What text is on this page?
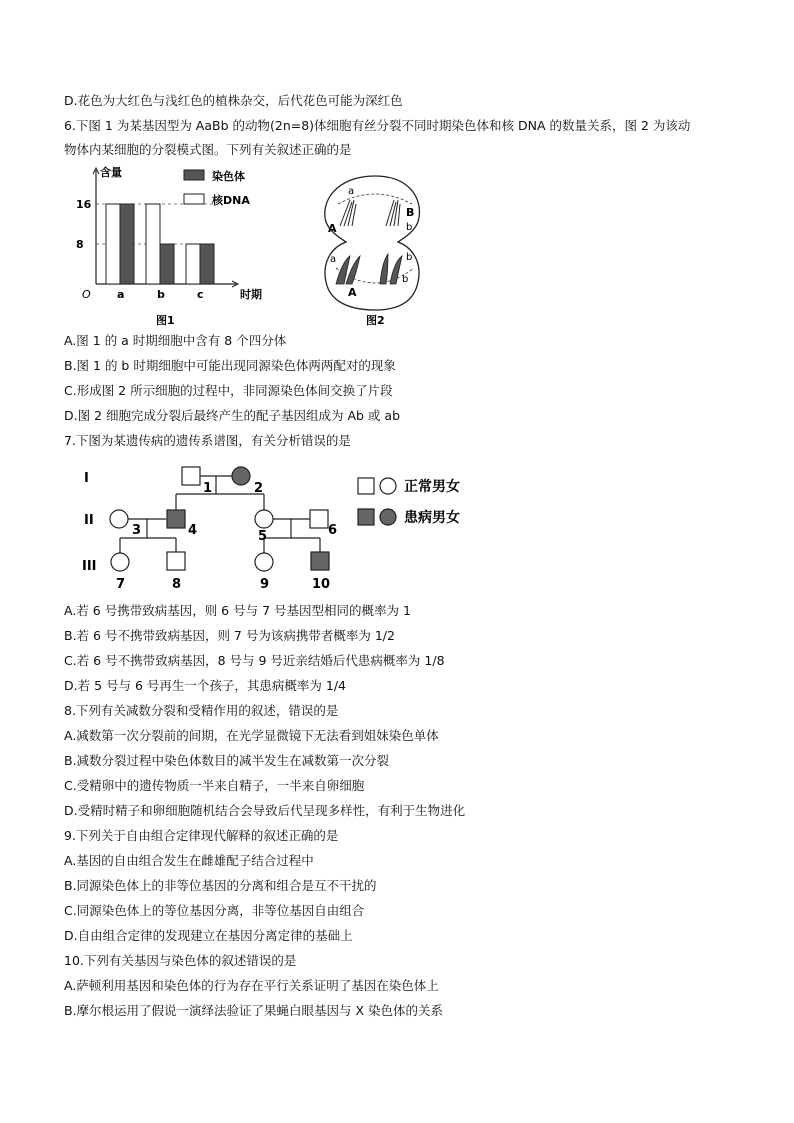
D.花色为大红色与浅红色的植株杂交，后代花色可能为深红色
6.下图 1 为某基因型为 AaBb 的动物(2n=8)体细胞有丝分裂不同时期染色体和核 DNA 的数量关系，图 2 为该动
物体内某细胞的分裂模式图。下列有关叙述正确的是
含量
时期
O
8
16
a	b	c
染色体
核DNA
图1
A
a
B
b
a
A
b
b
图2
A.图 1 的 a 时期细胞中含有 8 个四分体
B.图 1 的 b 时期细胞中可能出现同源染色体两两配对的现象
C.形成图 2 所示细胞的过程中，非同源染色体间交换了片段
D.图 2 细胞完成分裂后最终产生的配子基因组成为 Ab 或 ab
7.下图为某遗传病的遗传系谱图，有关分析错误的是
I
II
III
1	2
3	4	5	6
7	8	9	10
正常男女
患病男女
A.若 6 号携带致病基因，则 6 号与 7 号基因型相同的概率为 1
B.若 6 号不携带致病基因，则 7 号为该病携带者概率为 1/2
C.若 6 号不携带致病基因，8 号与 9 号近亲结婚后代患病概率为 1/8
D.若 5 号与 6 号再生一个孩子，其患病概率为 1/4
8.下列有关减数分裂和受精作用的叙述，错误的是
A.减数第一次分裂前的间期，在光学显微镜下无法看到姐妹染色单体
B.减数分裂过程中染色体数目的减半发生在减数第一次分裂
C.受精卵中的遗传物质一半来自精子，一半来自卵细胞
D.受精时精子和卵细胞随机结合会导致后代呈现多样性，有利于生物进化
9.下列关于自由组合定律现代解释的叙述正确的是
A.基因的自由组合发生在雌雄配子结合过程中
B.同源染色体上的非等位基因的分离和组合是互不干扰的
C.同源染色体上的等位基因分离，非等位基因自由组合
D.自由组合定律的发现建立在基因分离定律的基础上
10.下列有关基因与染色体的叙述错误的是
A.萨顿利用基因和染色体的行为存在平行关系证明了基因在染色体上
B.摩尔根运用了假说一演绎法验证了果蝇白眼基因与 X 染色体的关系
